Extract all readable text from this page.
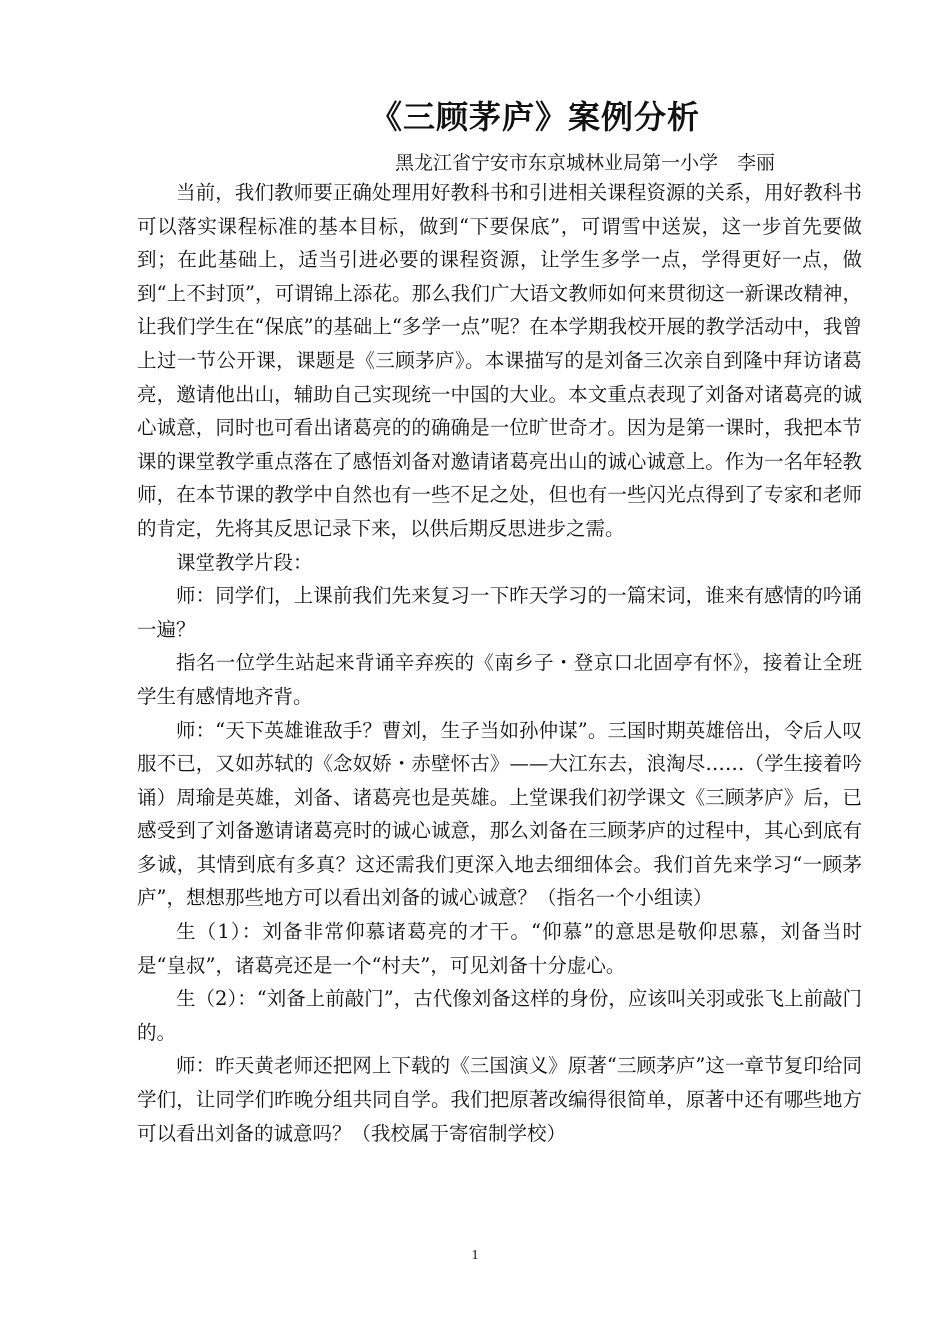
《三顾茅庐》案例分析
黑龙江省宁安市东京城林业局第一小学　李丽

当前，我们教师要正确处理用好教科书和引进相关课程资源的关系，用好教科书可以落实课程标准的基本目标，做到“下要保底”，可谓雪中送炭，这一步首先要做到；在此基础上，适当引进必要的课程资源，让学生多学一点，学得更好一点，做到“上不封顶”，可谓锦上添花。那么我们广大语文教师如何来贯彻这一新课改精神，让我们学生在“保底”的基础上“多学一点”呢？在本学期我校开展的教学活动中，我曾上过一节公开课，课题是《三顾茅庐》。本课描写的是刘备三次亲自到隆中拜访诸葛亮，邀请他出山，辅助自己实现统一中国的大业。本文重点表现了刘备对诸葛亮的诚心诚意，同时也可看出诸葛亮的的确确是一位旷世奇才。因为是第一课时，我把本节课的课堂教学重点落在了感悟刘备对邀请诸葛亮出山的诚心诚意上。作为一名年轻教师，在本节课的教学中自然也有一些不足之处，但也有一些闪光点得到了专家和老师的肯定，先将其反思记录下来，以供后期反思进步之需。

课堂教学片段：

师：同学们，上课前我们先来复习一下昨天学习的一篇宋词，谁来有感情的吟诵一遍？

指名一位学生站起来背诵辛弃疾的《南乡子・登京口北固亭有怀》，接着让全班学生有感情地齐背。

师：“天下英雄谁敌手？曹刘，生子当如孙仲谋”。三国时期英雄倍出，令后人叹服不已，又如苏轼的《念奴娇・赤壁怀古》——大江东去，浪淘尽……（学生接着吟诵）周瑜是英雄，刘备、诸葛亮也是英雄。上堂课我们初学课文《三顾茅庐》后，已感受到了刘备邀请诸葛亮时的诚心诚意，那么刘备在三顾茅庐的过程中，其心到底有多诚，其情到底有多真？这还需我们更深入地去细细体会。我们首先来学习“一顾茅庐”，想想那些地方可以看出刘备的诚心诚意？（指名一个小组读）

生（1）：刘备非常仰慕诸葛亮的才干。“仰慕”的意思是敬仰思慕，刘备当时是“皇叔”，诸葛亮还是一个“村夫”，可见刘备十分虚心。

生（2）：“刘备上前敲门”，古代像刘备这样的身份，应该叫关羽或张飞上前敲门的。

师：昨天黄老师还把网上下载的《三国演义》原著“三顾茅庐”这一章节复印给同学们，让同学们昨晚分组共同自学。我们把原著改编得很简单，原著中还有哪些地方可以看出刘备的诚意吗？（我校属于寄宿制学校）

1
